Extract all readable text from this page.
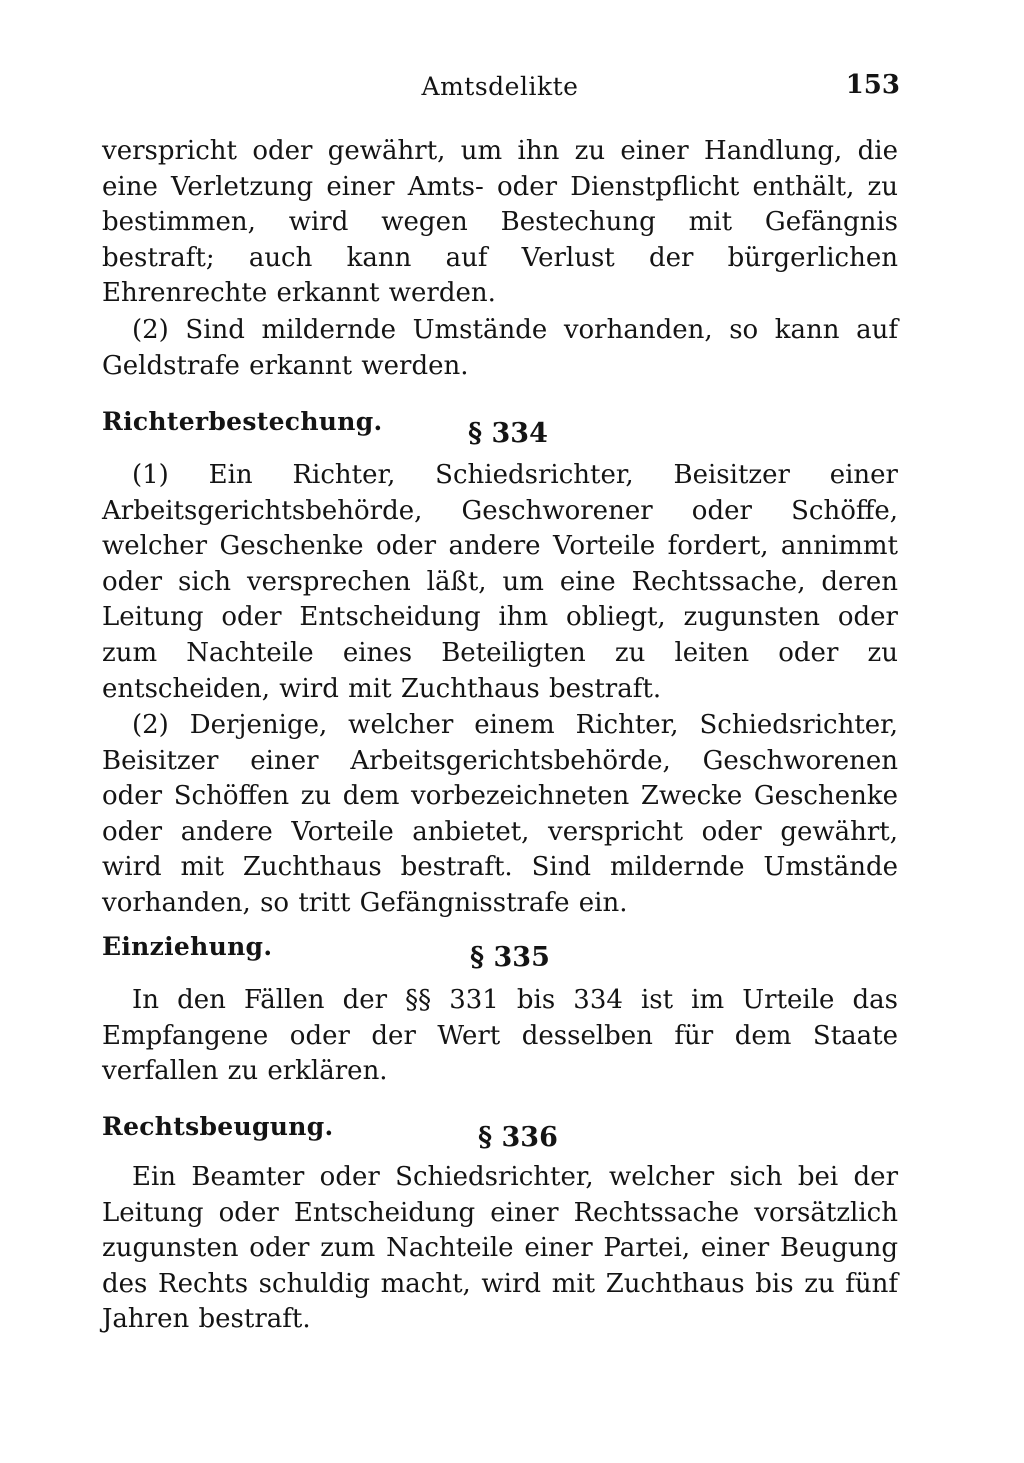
Amtsdelikte	153

verspricht oder gewährt, um ihn zu einer Handlung, die eine Verletzung einer Amts- oder Dienstpflicht enthält, zu bestimmen, wird wegen Bestechung mit Gefängnis bestraft; auch kann auf Verlust der bürgerlichen Ehrenrechte erkannt werden.

(2) Sind mildernde Umstände vorhanden, so kann auf Geldstrafe erkannt werden.

Richterbestechung.	§ 334

(1) Ein Richter, Schiedsrichter, Beisitzer einer Arbeitsgerichtsbehörde, Geschworener oder Schöffe, welcher Geschenke oder andere Vorteile fordert, annimmt oder sich versprechen läßt, um eine Rechtssache, deren Leitung oder Entscheidung ihm obliegt, zugunsten oder zum Nachteile eines Beteiligten zu leiten oder zu entscheiden, wird mit Zuchthaus bestraft.

(2) Derjenige, welcher einem Richter, Schiedsrichter, Beisitzer einer Arbeitsgerichtsbehörde, Geschworenen oder Schöffen zu dem vorbezeichneten Zwecke Geschenke oder andere Vorteile anbietet, verspricht oder gewährt, wird mit Zuchthaus bestraft. Sind mildernde Umstände vorhanden, so tritt Gefängnisstrafe ein.

Einziehung.	§ 335

In den Fällen der §§ 331 bis 334 ist im Urteile das Empfangene oder der Wert desselben für dem Staate verfallen zu erklären.

Rechtsbeugung.	§ 336

Ein Beamter oder Schiedsrichter, welcher sich bei der Leitung oder Entscheidung einer Rechtssache vorsätzlich zugunsten oder zum Nachteile einer Partei, einer Beugung des Rechts schuldig macht, wird mit Zuchthaus bis zu fünf Jahren bestraft.
